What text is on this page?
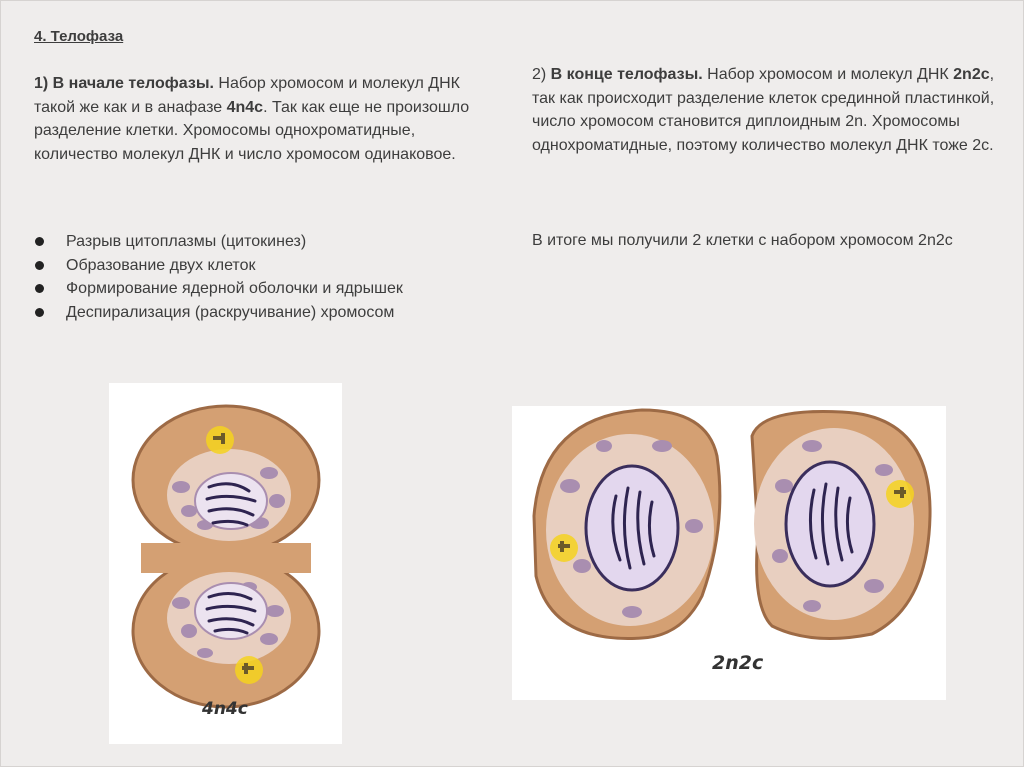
4. Телофаза

1) В начале телофазы. Набор хромосом и молекул ДНК такой же как и в анафазе 4n4c. Так как еще не произошло разделение клетки. Хромосомы однохроматидные, количество молекул ДНК и число хромосом одинаковое.

Разрыв цитоплазмы (цитокинез)
Образование двух клеток
Формирование ядерной оболочки и ядрышек
Деспирализация (раскручивание) хромосом

2) В конце телофазы. Набор хромосом и молекул ДНК 2n2c, так как происходит разделение клеток срединной пластинкой, число хромосом становится диплоидным 2n. Хромосомы однохроматидные, поэтому количество молекул ДНК тоже 2c.

В итоге мы получили 2 клетки с набором хромосом 2n2c

4n4c
2n2c
